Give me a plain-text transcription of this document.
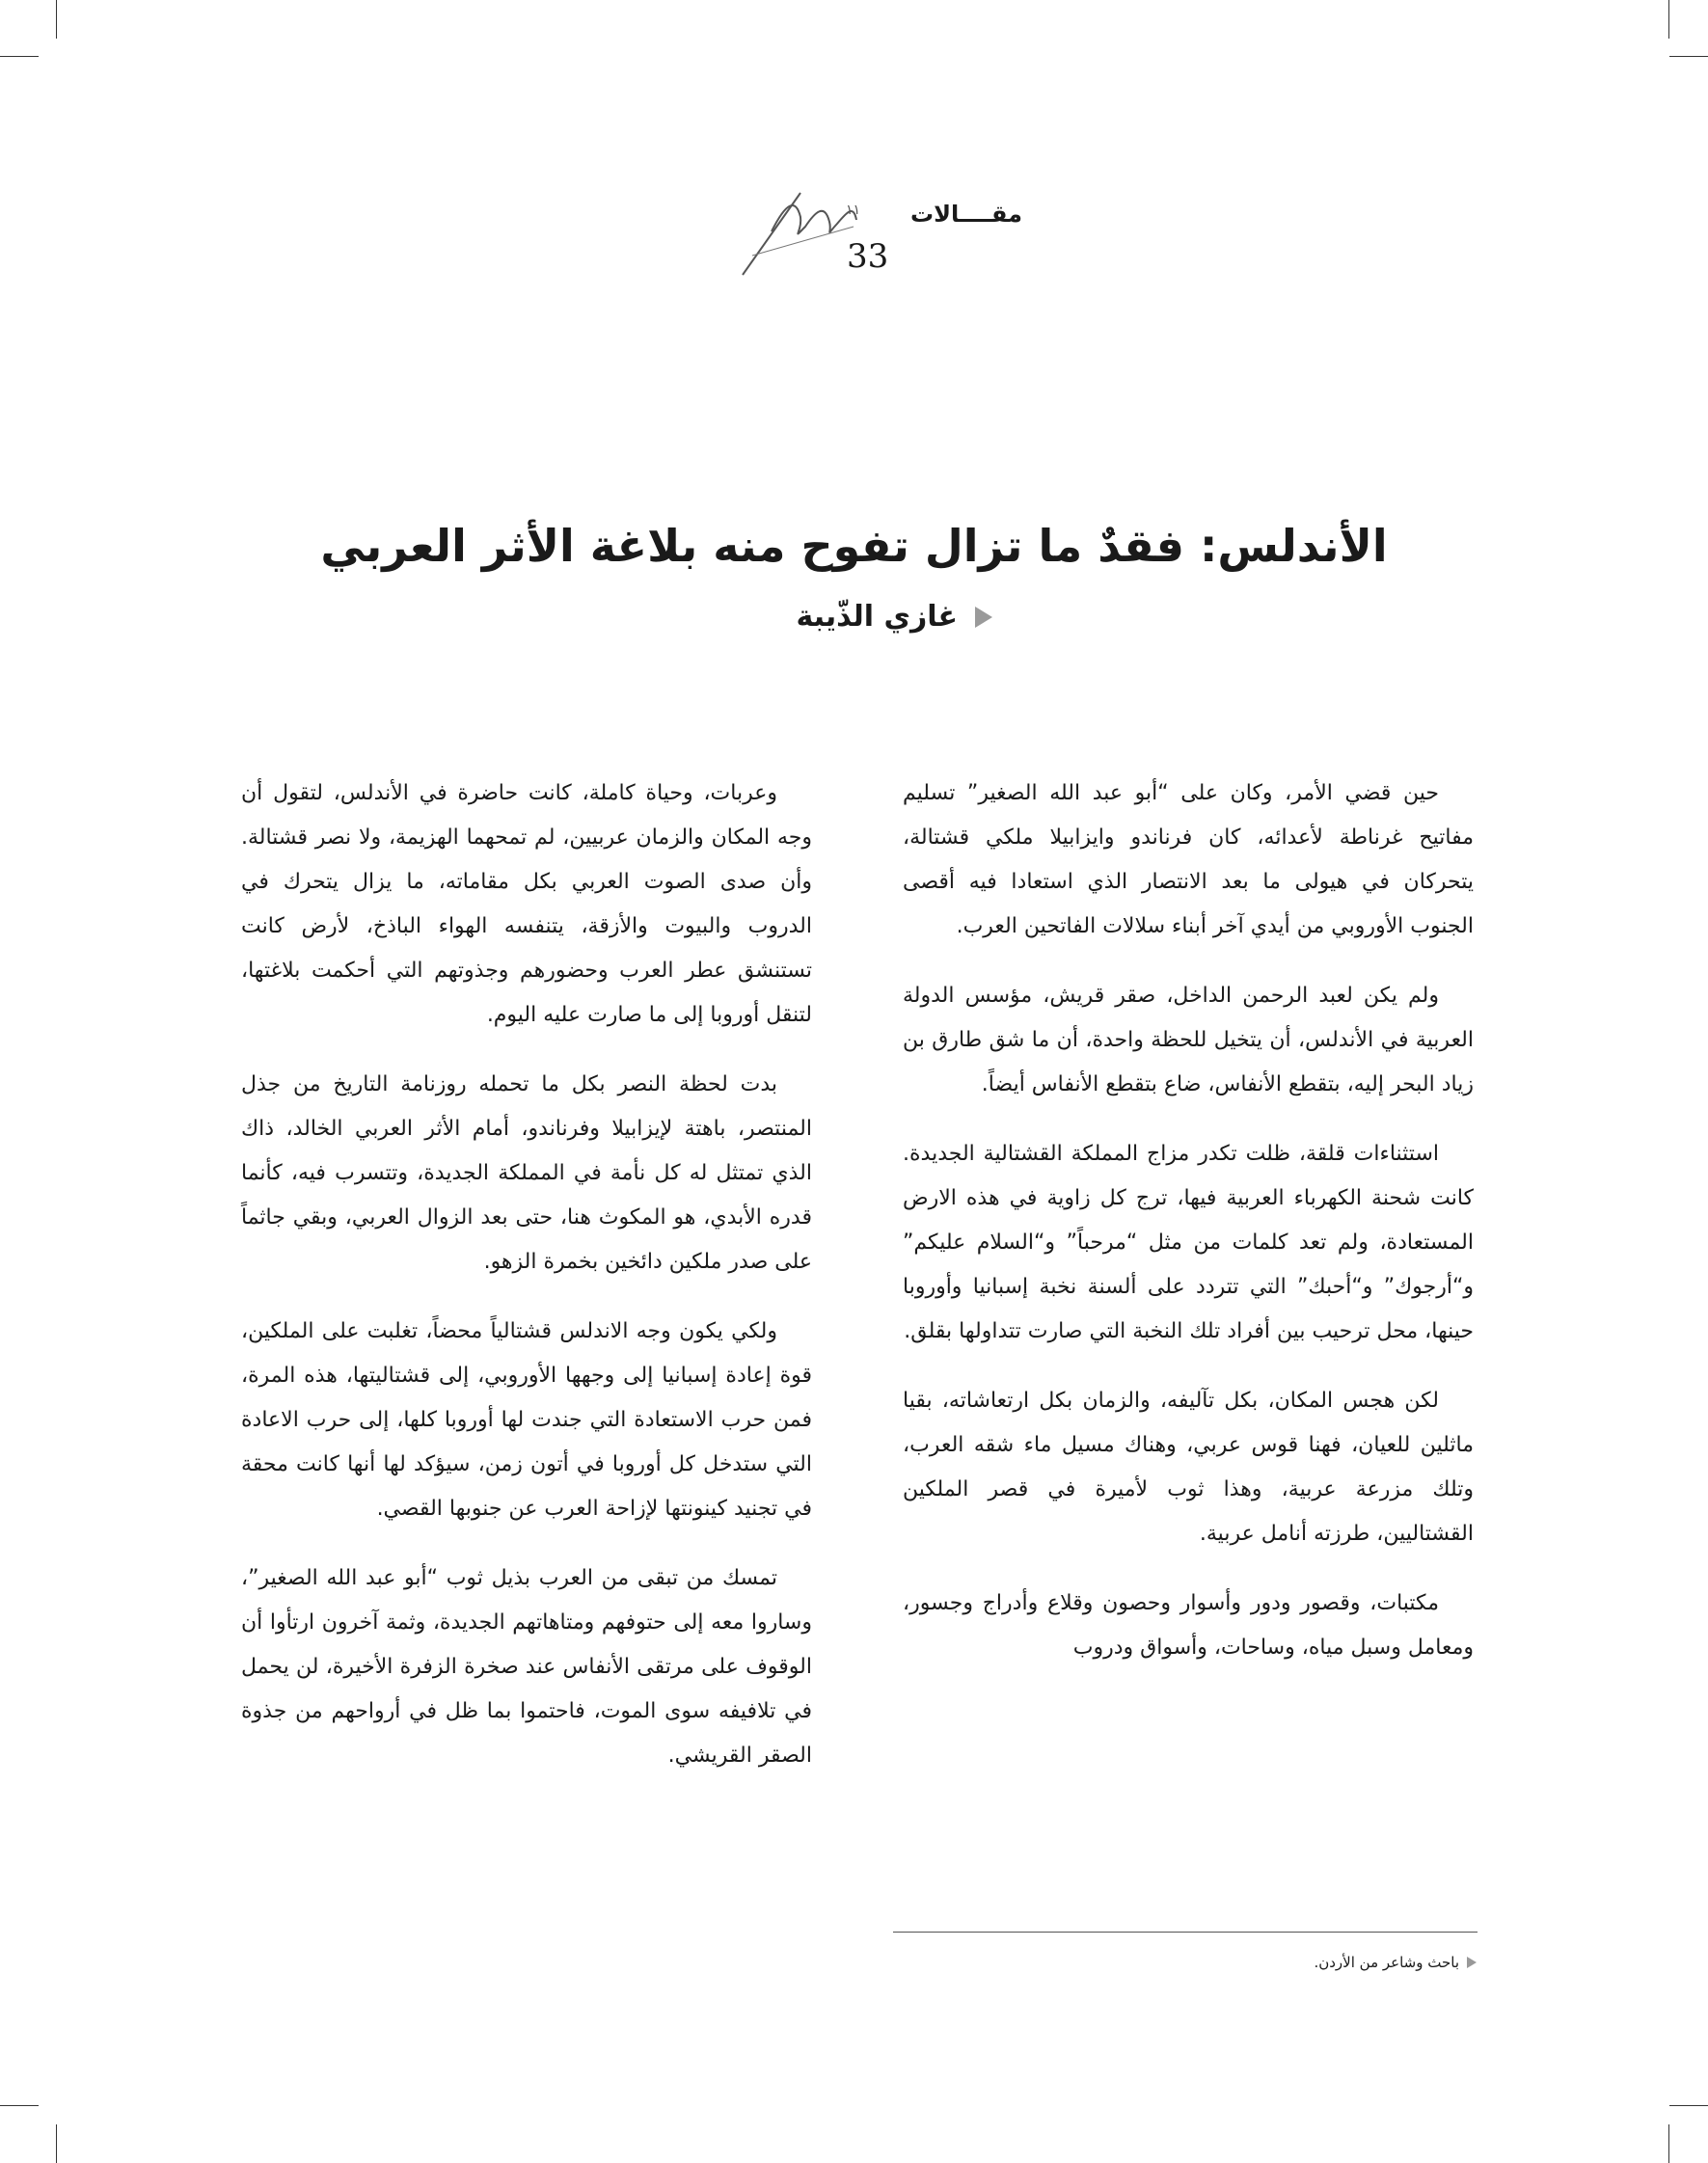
١١ مقــــالات
33
الأندلس: فقدٌ ما تزال تفوح منه بلاغة الأثر العربي
غازي الذّيبة

حين قضي الأمر، وكان على “أبو عبد الله الصغير” تسليم مفاتيح غرناطة لأعدائه، كان فرناندو وايزابيلا ملكي قشتالة، يتحركان في هيولى ما بعد الانتصار الذي استعادا فيه أقصى الجنوب الأوروبي من أيدي آخر أبناء سلالات الفاتحين العرب.

ولم يكن لعبد الرحمن الداخل، صقر قريش، مؤسس الدولة العربية في الأندلس، أن يتخيل للحظة واحدة، أن ما شق طارق بن زياد البحر إليه، بتقطع الأنفاس، ضاع بتقطع الأنفاس أيضاً.

استثناءات قلقة، ظلت تكدر مزاج المملكة القشتالية الجديدة. كانت شحنة الكهرباء العربية فيها، ترج كل زاوية في هذه الارض المستعادة، ولم تعد كلمات من مثل “مرحباً” و“السلام عليكم” و“أرجوك” و“أحبك” التي تتردد على ألسنة نخبة إسبانيا وأوروبا حينها، محل ترحيب بين أفراد تلك النخبة التي صارت تتداولها بقلق.

لكن هجس المكان، بكل تآليفه، والزمان بكل ارتعاشاته، بقيا ماثلين للعيان، فهنا قوس عربي، وهناك مسيل ماء شقه العرب، وتلك مزرعة عربية، وهذا ثوب لأميرة في قصر الملكين القشتاليين، طرزته أنامل عربية.

مكتبات، وقصور ودور وأسوار وحصون وقلاع وأدراج وجسور، ومعامل وسبل مياه، وساحات، وأسواق ودروب

وعربات، وحياة كاملة، كانت حاضرة في الأندلس، لتقول أن وجه المكان والزمان عربيين، لم تمحهما الهزيمة، ولا نصر قشتالة. وأن صدى الصوت العربي بكل مقاماته، ما يزال يتحرك في الدروب والبيوت والأزقة، يتنفسه الهواء الباذخ، لأرض كانت تستنشق عطر العرب وحضورهم وجذوتهم التي أحكمت بلاغتها، لتنقل أوروبا إلى ما صارت عليه اليوم.

بدت لحظة النصر بكل ما تحمله روزنامة التاريخ من جذل المنتصر، باهتة لإيزابيلا وفرناندو، أمام الأثر العربي الخالد، ذاك الذي تمتثل له كل نأمة في المملكة الجديدة، وتتسرب فيه، كأنما قدره الأبدي، هو المكوث هنا، حتى بعد الزوال العربي، وبقي جاثماً على صدر ملكين دائخين بخمرة الزهو.

ولكي يكون وجه الاندلس قشتالياً محضاً، تغلبت على الملكين، قوة إعادة إسبانيا إلى وجهها الأوروبي، إلى قشتاليتها، هذه المرة، فمن حرب الاستعادة التي جندت لها أوروبا كلها، إلى حرب الاعادة التي ستدخل كل أوروبا في أتون زمن، سيؤكد لها أنها كانت محقة في تجنيد كينونتها لإزاحة العرب عن جنوبها القصي.

تمسك من تبقى من العرب بذيل ثوب “أبو عبد الله الصغير”، وساروا معه إلى حتوفهم ومتاهاتهم الجديدة، وثمة آخرون ارتأوا أن الوقوف على مرتقى الأنفاس عند صخرة الزفرة الأخيرة، لن يحمل في تلافيفه سوى الموت، فاحتموا بما ظل في أرواحهم من جذوة الصقر القريشي.

باحث وشاعر من الأردن.
